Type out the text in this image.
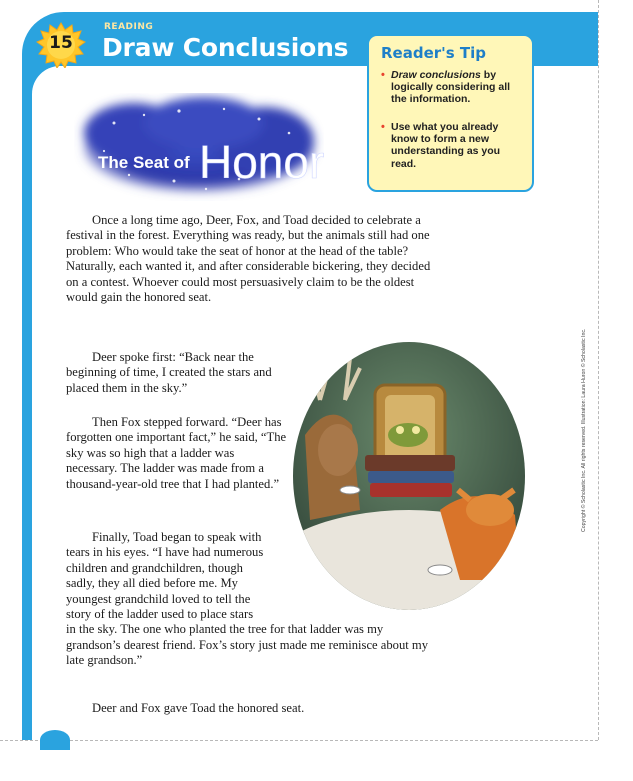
15
READING
Draw Conclusions Reader's Tip
• Draw conclusions by logically considering all the information.
• Use what you already know to form a new understanding as you read.
The Seat of Honor

Once a long time ago, Deer, Fox, and Toad decided to celebrate a festival in the forest. Everything was ready, but the animals still had one problem: Who would take the seat of honor at the head of the table? Naturally, each wanted it, and after considerable bickering, they decided on a contest. Whoever could most persuasively claim to be the oldest would gain the honored seat.

Deer spoke first: “Back near the beginning of time, I created the stars and placed them in the sky.”

Then Fox stepped forward. “Deer has forgotten one important fact,” he said, “The sky was so high that a ladder was necessary. The ladder was made from a thousand-year-old tree that I had planted.”

Finally, Toad began to speak with tears in his eyes. “I have had numerous children and grandchildren, though sadly, they all died before me. My youngest grandchild loved to tell the story of the ladder used to place stars in the sky. The one who planted the tree for that ladder was my grandson’s dearest friend. Fox’s story just made me reminisce about my late grandson.”

Deer and Fox gave Toad the honored seat.

Copyright © Scholastic Inc. All rights reserved. Illustration: Laura Huron © Scholastic Inc.
